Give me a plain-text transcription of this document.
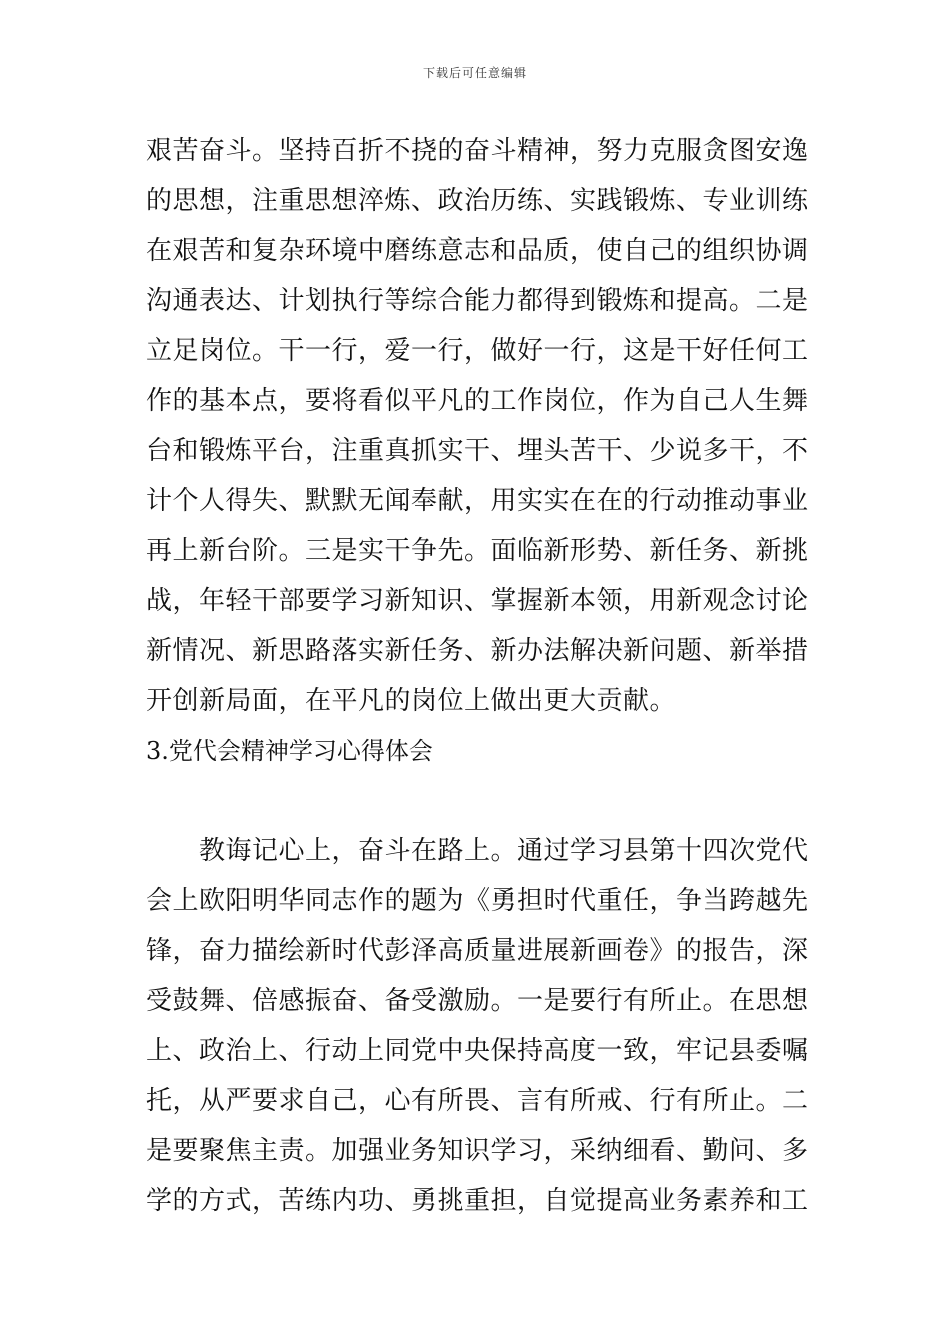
下载后可任意编辑
艰苦奋斗。坚持百折不挠的奋斗精神，努力克服贪图安逸
的思想，注重思想淬炼、政治历练、实践锻炼、专业训练
在艰苦和复杂环境中磨练意志和品质，使自己的组织协调
沟通表达、计划执行等综合能力都得到锻炼和提高。二是
立足岗位。干一行，爱一行，做好一行，这是干好任何工
作的基本点，要将看似平凡的工作岗位，作为自己人生舞
台和锻炼平台，注重真抓实干、埋头苦干、少说多干，不
计个人得失、默默无闻奉献，用实实在在的行动推动事业
再上新台阶。三是实干争先。面临新形势、新任务、新挑
战，年轻干部要学习新知识、掌握新本领，用新观念讨论
新情况、新思路落实新任务、新办法解决新问题、新举措
开创新局面，在平凡的岗位上做出更大贡献。
3.党代会精神学习心得体会
　　教诲记心上，奋斗在路上。通过学习县第十四次党代
会上欧阳明华同志作的题为《勇担时代重任，争当跨越先
锋，奋力描绘新时代彭泽高质量进展新画卷》的报告，深
受鼓舞、倍感振奋、备受激励。一是要行有所止。在思想
上、政治上、行动上同党中央保持高度一致，牢记县委嘱
托，从严要求自己，心有所畏、言有所戒、行有所止。二
是要聚焦主责。加强业务知识学习，采纳细看、勤问、多
学的方式，苦练内功、勇挑重担，自觉提高业务素养和工
